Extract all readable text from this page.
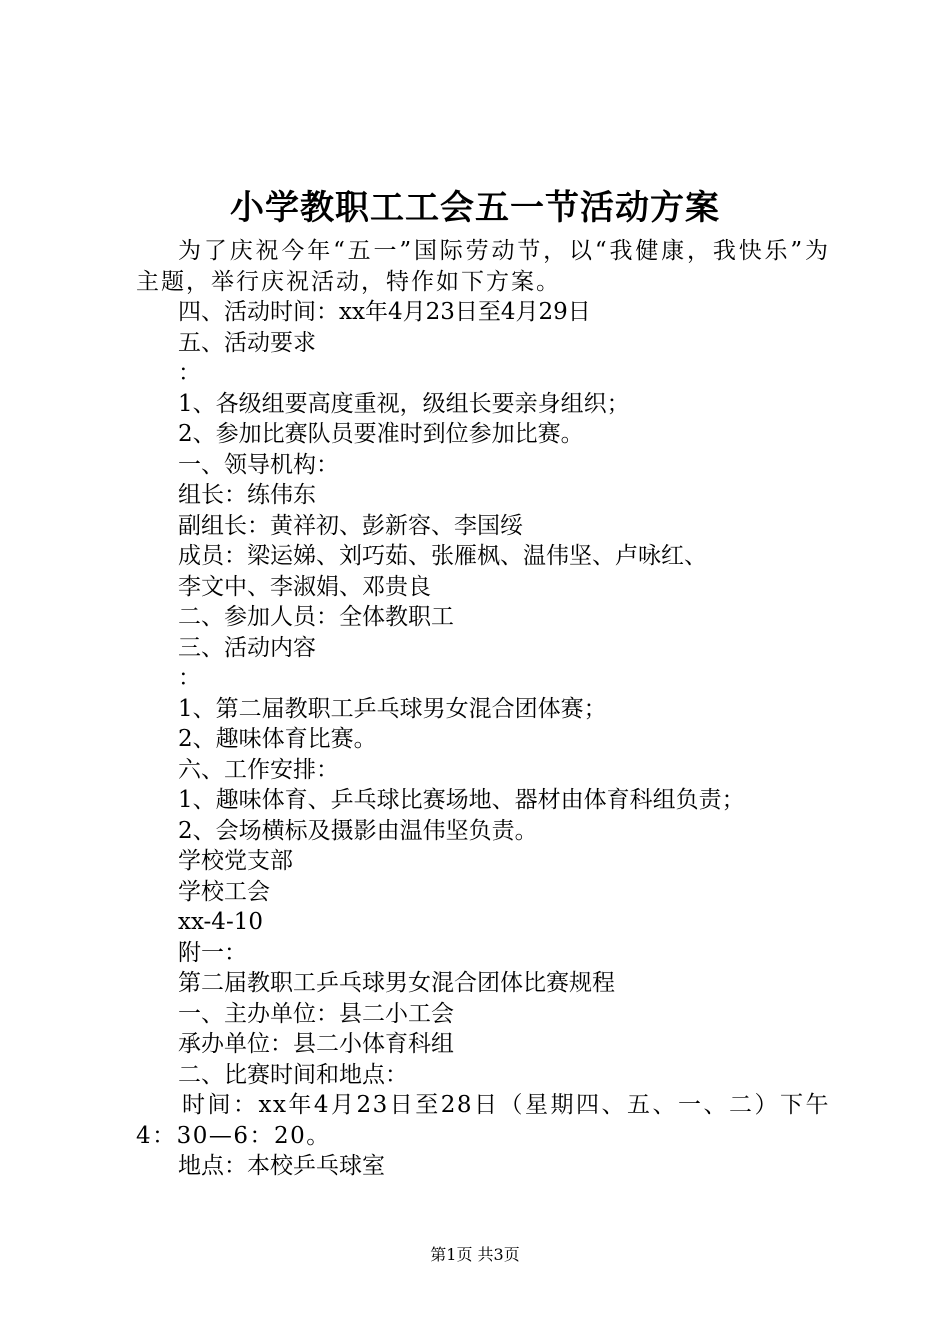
小学教职工工会五一节活动方案
为了庆祝今年“五一”国际劳动节，以“我健康，我快乐”为主题，举行庆祝活动，特作如下方案。
四、活动时间：xx年4月23日至4月29日
五、活动要求
：
1、各级组要高度重视，级组长要亲身组织；
2、参加比赛队员要准时到位参加比赛。
一、领导机构：
组长：练伟东
副组长：黄祥初、彭新容、李国绥
成员：梁运娣、刘巧茹、张雁枫、温伟坚、卢咏红、
李文中、李淑娟、邓贵良
二、参加人员：全体教职工
三、活动内容
：
1、第二届教职工乒乓球男女混合团体赛；
2、趣味体育比赛。
六、工作安排：
1、趣味体育、乒乓球比赛场地、器材由体育科组负责；
2、会场横标及摄影由温伟坚负责。
学校党支部
学校工会
xx-4-10
附一：
第二届教职工乒乓球男女混合团体比赛规程
一、主办单位：县二小工会
承办单位：县二小体育科组
二、比赛时间和地点：
时间：xx年4月23日至28日（星期四、五、一、二）下午4：30—6：20。
地点：本校乒乓球室
第1页 共3页
